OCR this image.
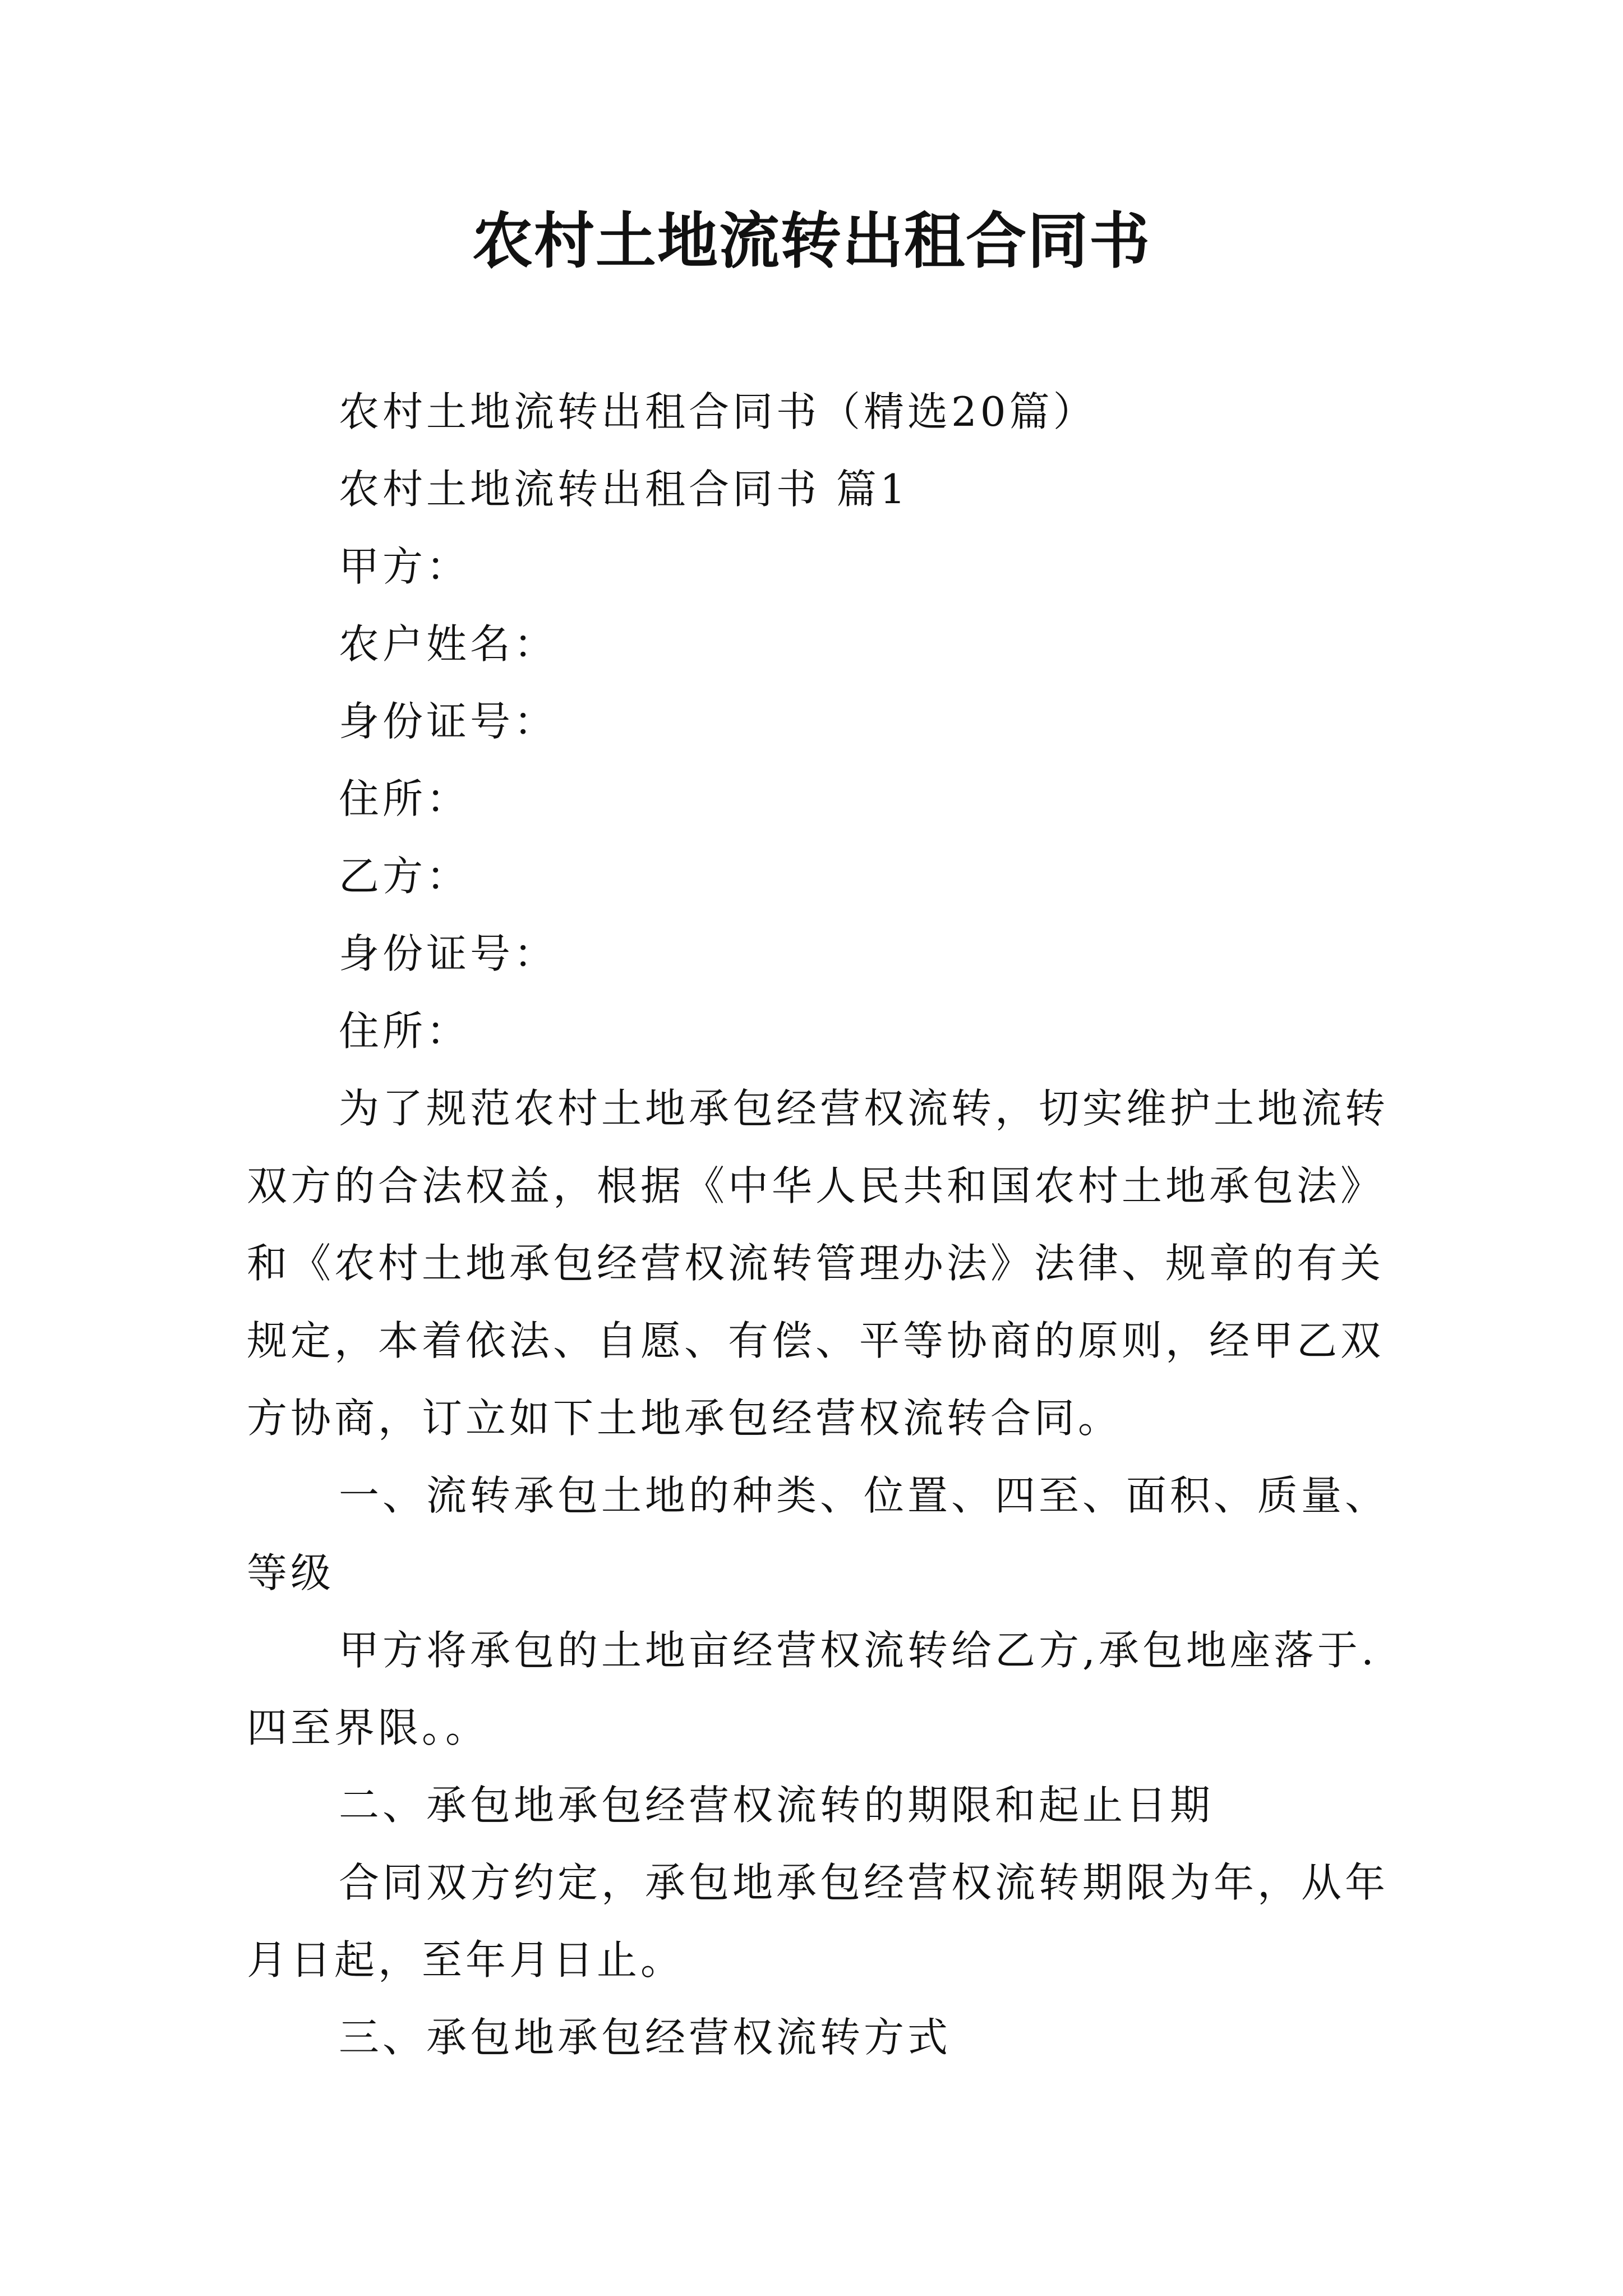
农村土地流转出租合同书

农村土地流转出租合同书（精选20篇）

农村土地流转出租合同书 篇1

甲方：

农户姓名：

身份证号：

住所：

乙方：

身份证号：

住所：

为了规范农村土地承包经营权流转，切实维护土地流转

双方的合法权益，根据《中华人民共和国农村土地承包法》

和《农村土地承包经营权流转管理办法》法律、规章的有关

规定，本着依法、自愿、有偿、平等协商的原则，经甲乙双

方协商，订立如下土地承包经营权流转合同。

一、流转承包土地的种类、位置、四至、面积、质量、

等级

甲方将承包的土地亩经营权流转给乙方,承包地座落于.

四至界限。。

二、承包地承包经营权流转的期限和起止日期

合同双方约定，承包地承包经营权流转期限为年，从年

月日起，至年月日止。

三、承包地承包经营权流转方式
